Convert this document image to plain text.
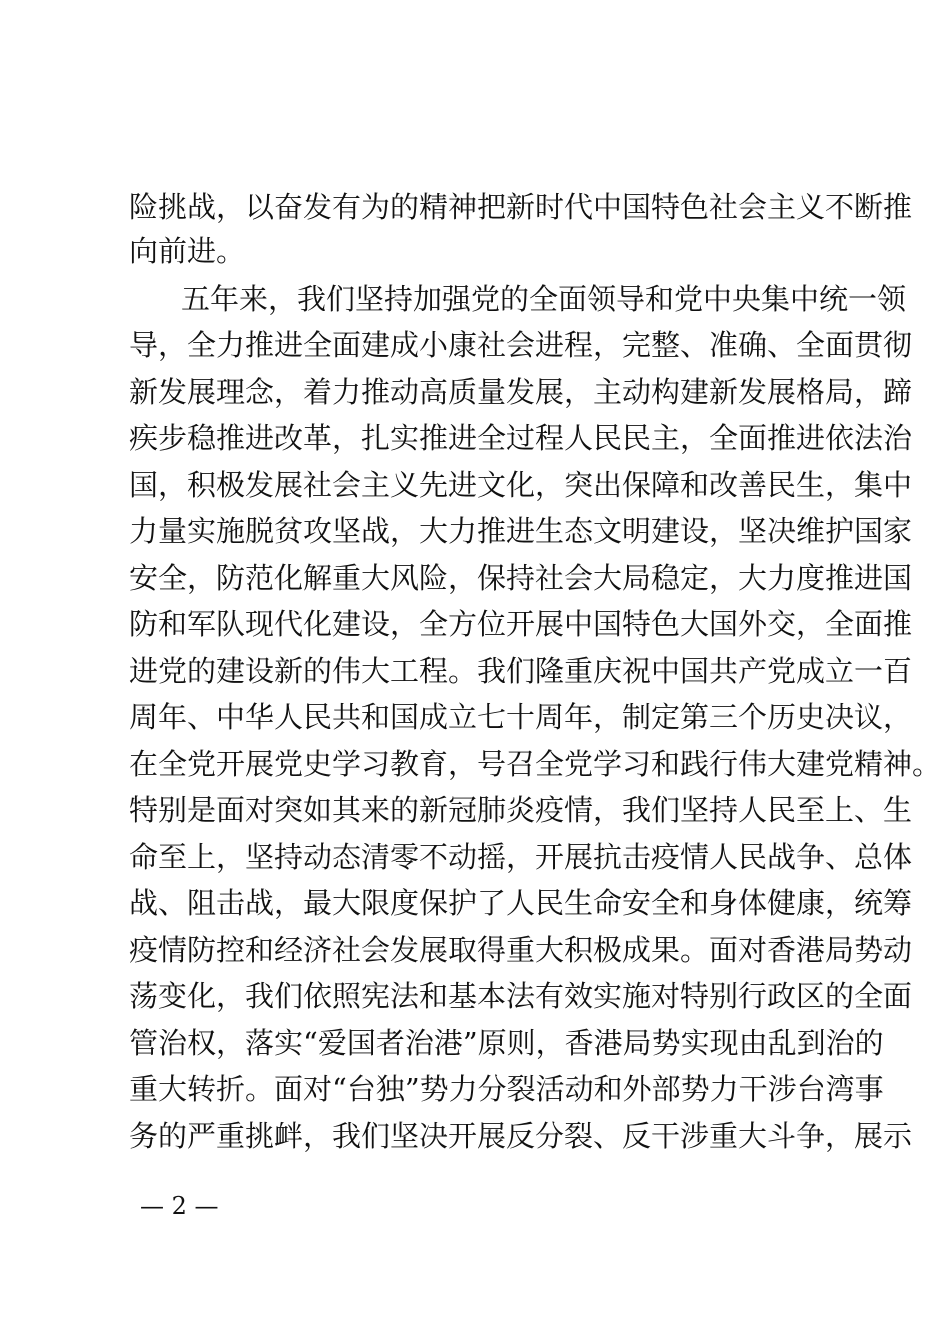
险挑战，以奋发有为的精神把新时代中国特色社会主义不断推
向前进。
五年来，我们坚持加强党的全面领导和党中央集中统一领
导，全力推进全面建成小康社会进程，完整、准确、全面贯彻
新发展理念，着力推动高质量发展，主动构建新发展格局，蹄
疾步稳推进改革，扎实推进全过程人民民主，全面推进依法治
国，积极发展社会主义先进文化，突出保障和改善民生，集中
力量实施脱贫攻坚战，大力推进生态文明建设，坚决维护国家
安全，防范化解重大风险，保持社会大局稳定，大力度推进国
防和军队现代化建设，全方位开展中国特色大国外交，全面推
进党的建设新的伟大工程。我们隆重庆祝中国共产党成立一百
周年、中华人民共和国成立七十周年，制定第三个历史决议，
在全党开展党史学习教育，号召全党学习和践行伟大建党精神。
特别是面对突如其来的新冠肺炎疫情，我们坚持人民至上、生
命至上，坚持动态清零不动摇，开展抗击疫情人民战争、总体
战、阻击战，最大限度保护了人民生命安全和身体健康，统筹
疫情防控和经济社会发展取得重大积极成果。面对香港局势动
荡变化，我们依照宪法和基本法有效实施对特别行政区的全面
管治权，落实“爱国者治港”原则，香港局势实现由乱到治的
重大转折。面对“台独”势力分裂活动和外部势力干涉台湾事
务的严重挑衅，我们坚决开展反分裂、反干涉重大斗争，展示
— 2 —
